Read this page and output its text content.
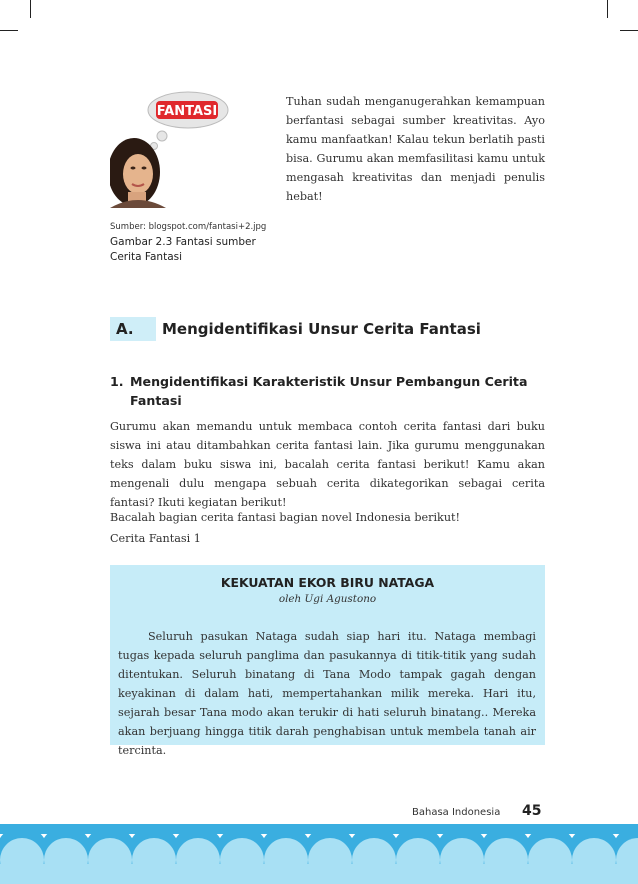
FANTASI
Sumber: blogspot.com/fantasi+2.jpg
Gambar 2.3 Fantasi sumber Cerita Fantasi
Tuhan sudah menganugerahkan kemampuan berfantasi sebagai sumber kreativitas. Ayo kamu manfaatkan! Kalau tekun berlatih pasti bisa. Gurumu akan memfasilitasi kamu untuk mengasah kreativitas dan menjadi penulis hebat!
A.	Mengidentifikasi Unsur Cerita Fantasi
1. Mengidentifikasi Karakteristik Unsur Pembangun Cerita Fantasi
Gurumu akan memandu untuk membaca contoh cerita fantasi dari buku siswa ini atau ditambahkan cerita fantasi lain. Jika gurumu menggunakan teks dalam buku siswa ini, bacalah cerita fantasi berikut! Kamu akan mengenali dulu mengapa sebuah cerita dikategorikan sebagai cerita fantasi? Ikuti kegiatan berikut!
Bacalah bagian cerita fantasi bagian novel Indonesia berikut!
Cerita Fantasi 1
KEKUATAN EKOR BIRU NATAGA
oleh Ugi Agustono
Seluruh pasukan Nataga sudah siap hari itu. Nataga membagi tugas kepada seluruh panglima dan pasukannya di titik-titik yang sudah ditentukan. Seluruh binatang di Tana Modo tampak gagah dengan keyakinan di dalam hati, mempertahankan milik mereka. Hari itu, sejarah besar Tana modo akan terukir di hati seluruh binatang.. Mereka akan berjuang hingga titik darah penghabisan untuk membela tanah air tercinta.
Bahasa Indonesia 45
